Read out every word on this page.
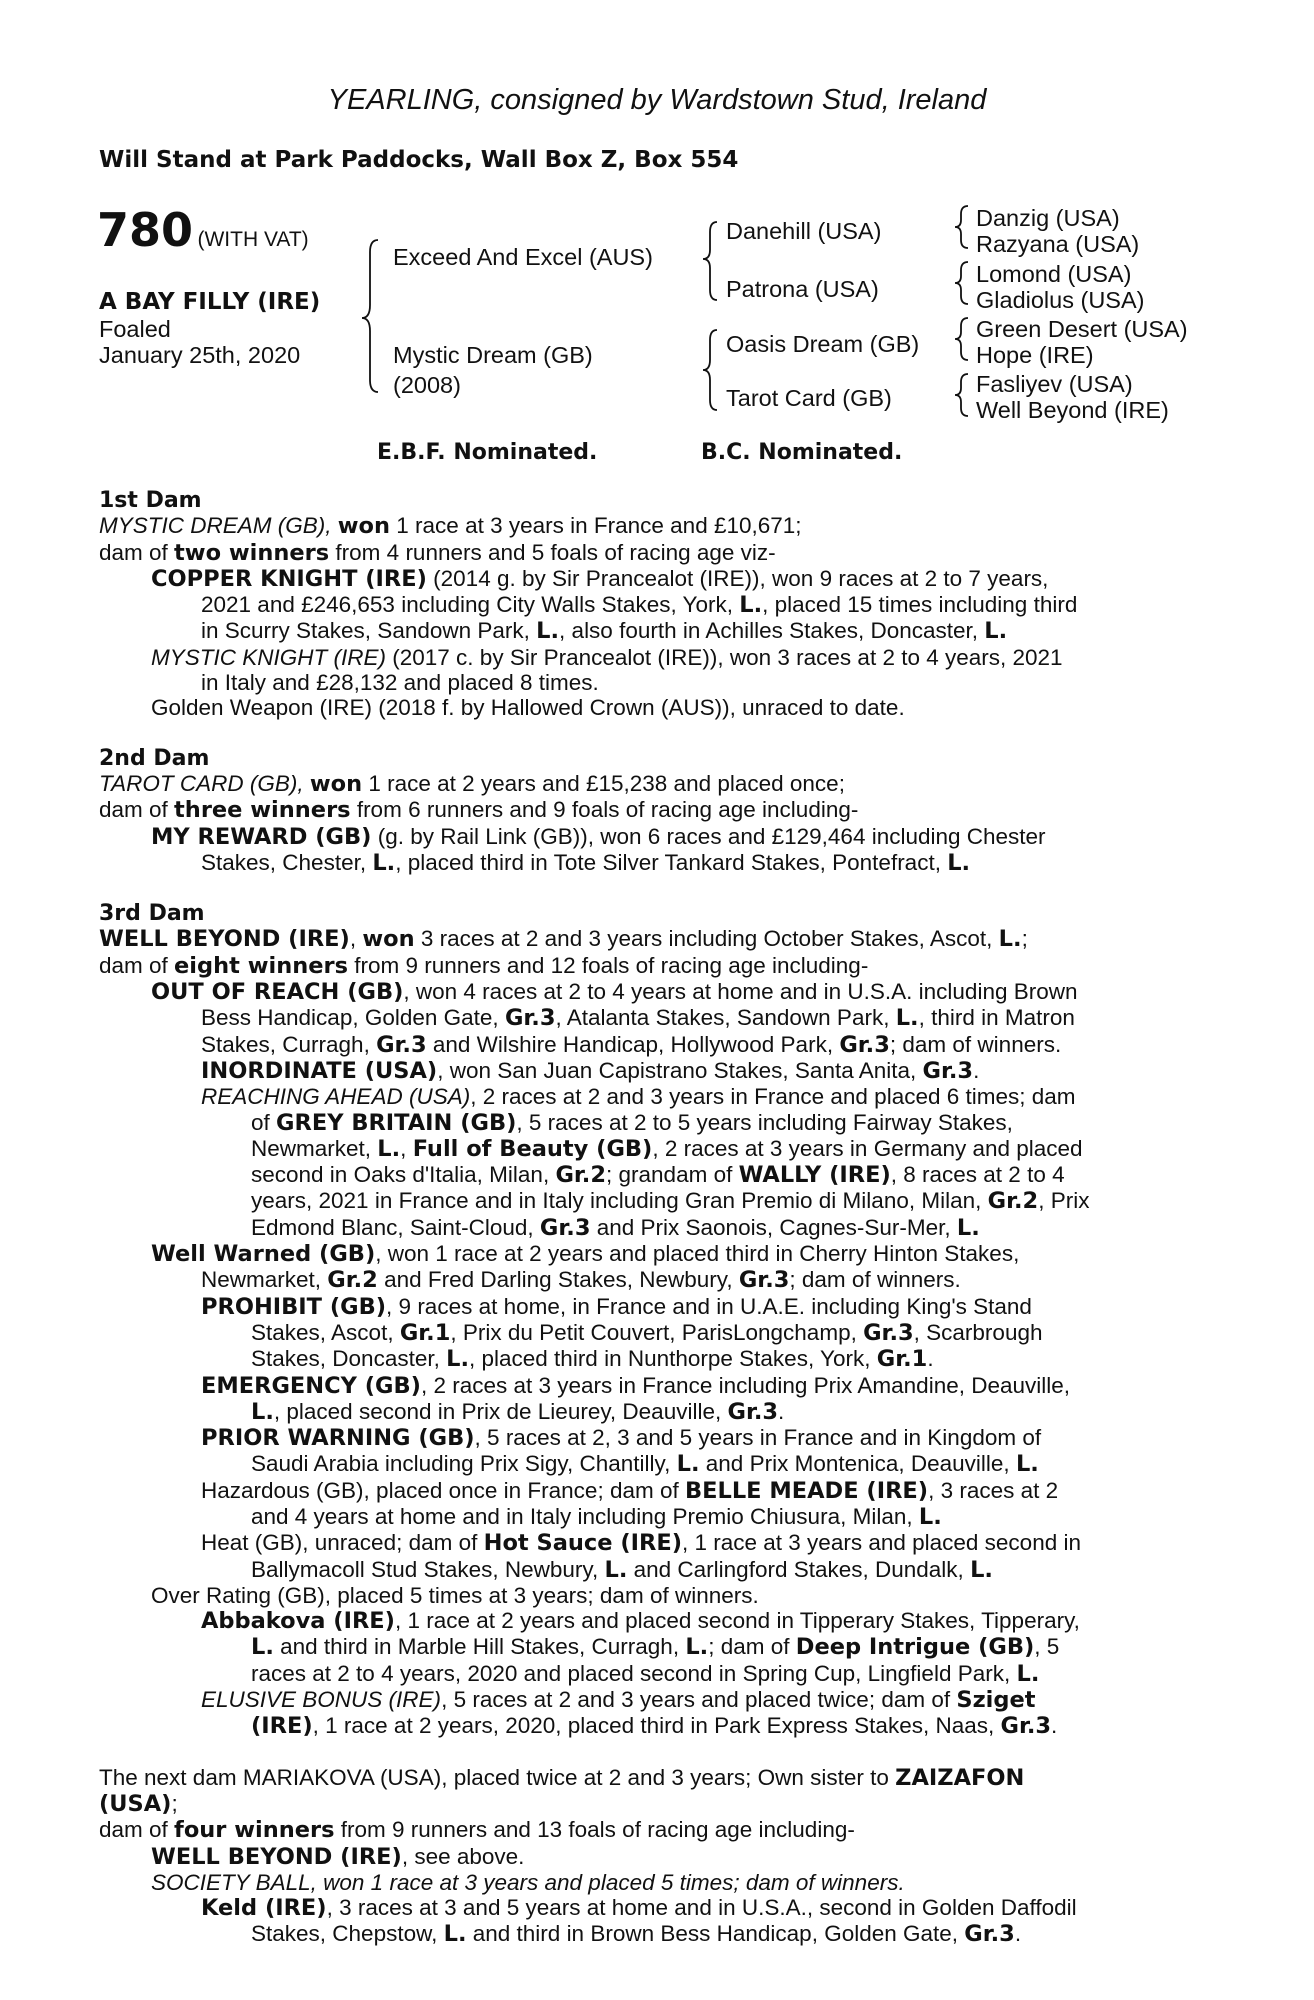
YEARLING, consigned by Wardstown Stud, Ireland
Will Stand at Park Paddocks, Wall Box Z, Box 554
780 (WITH VAT)
A BAY FILLY (IRE)
Foaled
January 25th, 2020
Exceed And Excel (AUS)
Mystic Dream (GB)
(2008)
Danehill (USA)
Patrona (USA)
Oasis Dream (GB)
Tarot Card (GB)
Danzig (USA)
Razyana (USA)
Lomond (USA)
Gladiolus (USA)
Green Desert (USA)
Hope (IRE)
Fasliyev (USA)
Well Beyond (IRE)
E.B.F. Nominated.	B.C. Nominated.
1st Dam
MYSTIC DREAM (GB), won 1 race at 3 years in France and £10,671;
dam of two winners from 4 runners and 5 foals of racing age viz-
COPPER KNIGHT (IRE) (2014 g. by Sir Prancealot (IRE)), won 9 races at 2 to 7 years,
2021 and £246,653 including City Walls Stakes, York, L., placed 15 times including third
in Scurry Stakes, Sandown Park, L., also fourth in Achilles Stakes, Doncaster, L.
MYSTIC KNIGHT (IRE) (2017 c. by Sir Prancealot (IRE)), won 3 races at 2 to 4 years, 2021
in Italy and £28,132 and placed 8 times.
Golden Weapon (IRE) (2018 f. by Hallowed Crown (AUS)), unraced to date.
2nd Dam
TAROT CARD (GB), won 1 race at 2 years and £15,238 and placed once;
dam of three winners from 6 runners and 9 foals of racing age including-
MY REWARD (GB) (g. by Rail Link (GB)), won 6 races and £129,464 including Chester
Stakes, Chester, L., placed third in Tote Silver Tankard Stakes, Pontefract, L.
3rd Dam
WELL BEYOND (IRE), won 3 races at 2 and 3 years including October Stakes, Ascot, L.;
dam of eight winners from 9 runners and 12 foals of racing age including-
OUT OF REACH (GB), won 4 races at 2 to 4 years at home and in U.S.A. including Brown
Bess Handicap, Golden Gate, Gr.3, Atalanta Stakes, Sandown Park, L., third in Matron
Stakes, Curragh, Gr.3 and Wilshire Handicap, Hollywood Park, Gr.3; dam of winners.
INORDINATE (USA), won San Juan Capistrano Stakes, Santa Anita, Gr.3.
REACHING AHEAD (USA), 2 races at 2 and 3 years in France and placed 6 times; dam
of GREY BRITAIN (GB), 5 races at 2 to 5 years including Fairway Stakes,
Newmarket, L., Full of Beauty (GB), 2 races at 3 years in Germany and placed
second in Oaks d'Italia, Milan, Gr.2; grandam of WALLY (IRE), 8 races at 2 to 4
years, 2021 in France and in Italy including Gran Premio di Milano, Milan, Gr.2, Prix
Edmond Blanc, Saint-Cloud, Gr.3 and Prix Saonois, Cagnes-Sur-Mer, L.
Well Warned (GB), won 1 race at 2 years and placed third in Cherry Hinton Stakes,
Newmarket, Gr.2 and Fred Darling Stakes, Newbury, Gr.3; dam of winners.
PROHIBIT (GB), 9 races at home, in France and in U.A.E. including King's Stand
Stakes, Ascot, Gr.1, Prix du Petit Couvert, ParisLongchamp, Gr.3, Scarbrough
Stakes, Doncaster, L., placed third in Nunthorpe Stakes, York, Gr.1.
EMERGENCY (GB), 2 races at 3 years in France including Prix Amandine, Deauville,
L., placed second in Prix de Lieurey, Deauville, Gr.3.
PRIOR WARNING (GB), 5 races at 2, 3 and 5 years in France and in Kingdom of
Saudi Arabia including Prix Sigy, Chantilly, L. and Prix Montenica, Deauville, L.
Hazardous (GB), placed once in France; dam of BELLE MEADE (IRE), 3 races at 2
and 4 years at home and in Italy including Premio Chiusura, Milan, L.
Heat (GB), unraced; dam of Hot Sauce (IRE), 1 race at 3 years and placed second in
Ballymacoll Stud Stakes, Newbury, L. and Carlingford Stakes, Dundalk, L.
Over Rating (GB), placed 5 times at 3 years; dam of winners.
Abbakova (IRE), 1 race at 2 years and placed second in Tipperary Stakes, Tipperary,
L. and third in Marble Hill Stakes, Curragh, L.; dam of Deep Intrigue (GB), 5
races at 2 to 4 years, 2020 and placed second in Spring Cup, Lingfield Park, L.
ELUSIVE BONUS (IRE), 5 races at 2 and 3 years and placed twice; dam of Sziget
(IRE), 1 race at 2 years, 2020, placed third in Park Express Stakes, Naas, Gr.3.
The next dam MARIAKOVA (USA), placed twice at 2 and 3 years; Own sister to ZAIZAFON
(USA);
dam of four winners from 9 runners and 13 foals of racing age including-
WELL BEYOND (IRE), see above.
SOCIETY BALL, won 1 race at 3 years and placed 5 times; dam of winners.
Keld (IRE), 3 races at 3 and 5 years at home and in U.S.A., second in Golden Daffodil
Stakes, Chepstow, L. and third in Brown Bess Handicap, Golden Gate, Gr.3.
